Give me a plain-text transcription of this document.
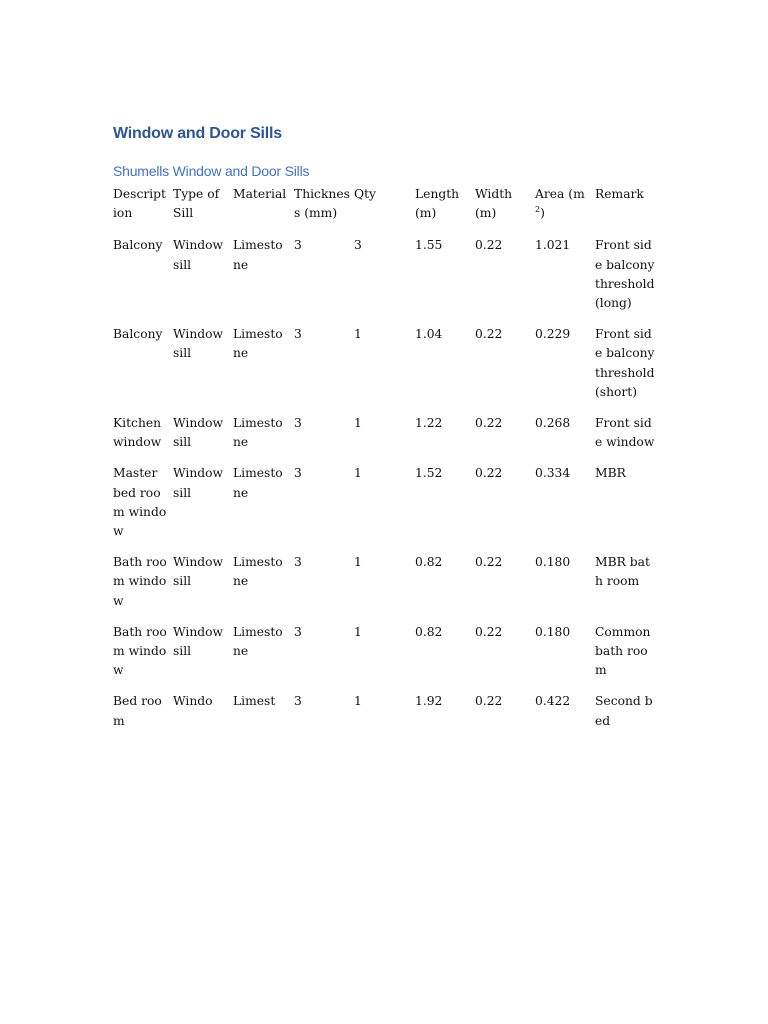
Window and Door Sills
Shumells Window and Door Sills
Description	Type of Sill	Material	Thickness (mm)	Qty	Length (m)	Width (m)	Area $(m^2)$	Remark
Balcony	Window sill	Limestone	3	3	1.55	0.22	1.021	Front side balcony threshold (long)
Balcony	Window sill	Limestone	3	1	1.04	0.22	0.229	Front side balcony threshold (short)
Kitchen window	Window sill	Limestone	3	1	1.22	0.22	0.268	Front side window
Master bed room window	Window sill	Limestone	3	1	1.52	0.22	0.334	MBR
Bath room window	Window sill	Limestone	3	1	0.82	0.22	0.180	MBR bath room
Bath room window	Window sill	Limestone	3	1	0.82	0.22	0.180	Common bath room
Bed room	Windo	Limest	3	1	1.92	0.22	0.422	Second bed
